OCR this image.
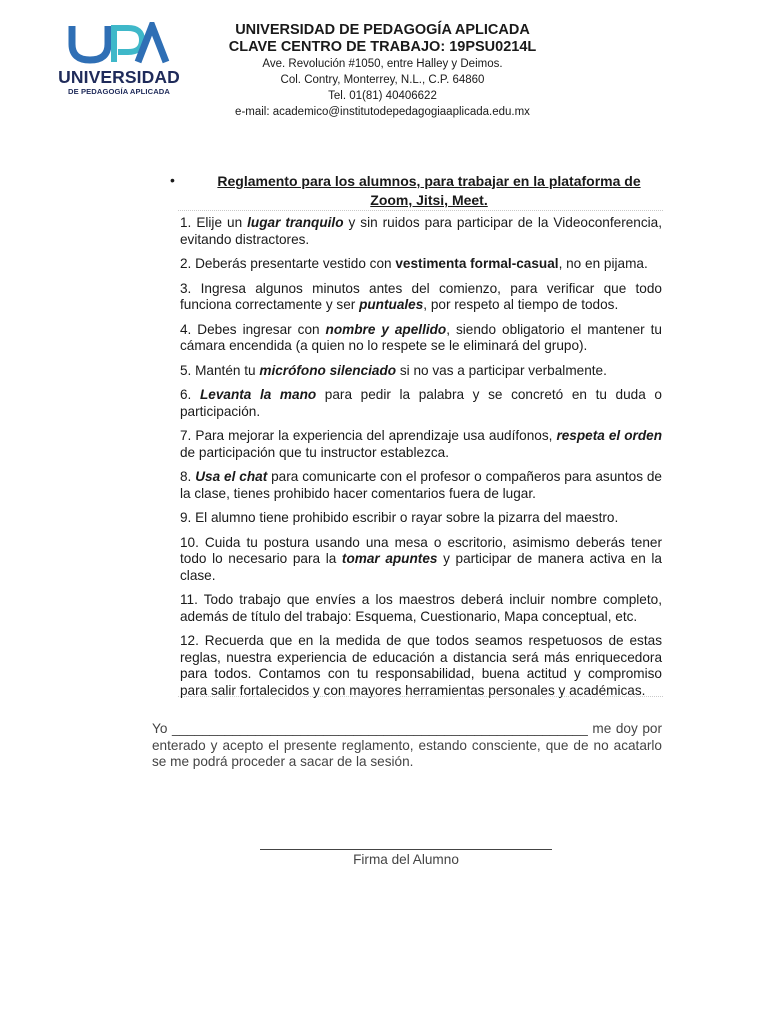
UNIVERSIDAD
DE PEDAGOGÍA APLICADA
UNIVERSIDAD DE PEDAGOGÍA APLICADA
CLAVE CENTRO DE TRABAJO: 19PSU0214L
Ave. Revolución #1050, entre Halley y Deimos.
Col. Contry, Monterrey, N.L., C.P. 64860
Tel. 01(81) 40406622
e-mail: academico@institutodepedagogiaaplicada.edu.mx
•	Reglamento para los alumnos, para trabajar en la plataforma de
Zoom, Jitsi, Meet.

1. Elije un lugar tranquilo y sin ruidos para participar de la Videoconferencia, evitando distractores.

2. Deberás presentarte vestido con vestimenta formal-casual, no en pijama.

3. Ingresa algunos minutos antes del comienzo, para verificar que todo funciona correctamente y ser puntuales, por respeto al tiempo de todos.

4. Debes ingresar con nombre y apellido, siendo obligatorio el mantener tu cámara encendida (a quien no lo respete se le eliminará del grupo).

5. Mantén tu micrófono silenciado si no vas a participar verbalmente.

6. Levanta la mano para pedir la palabra y se concretó en tu duda o participación.

7. Para mejorar la experiencia del aprendizaje usa audífonos, respeta el orden de participación que tu instructor establezca.

8. Usa el chat para comunicarte con el profesor o compañeros para asuntos de la clase, tienes prohibido hacer comentarios fuera de lugar.

9. El alumno tiene prohibido escribir o rayar sobre la pizarra del maestro.

10. Cuida tu postura usando una mesa o escritorio, asimismo deberás tener todo lo necesario para la tomar apuntes y participar de manera activa en la clase.

11. Todo trabajo que envíes a los maestros deberá incluir nombre completo, además de título del trabajo: Esquema, Cuestionario, Mapa conceptual, etc.

12. Recuerda que en la medida de que todos seamos respetuosos de estas reglas, nuestra experiencia de educación a distancia será más enriquecedora para todos. Contamos con tu responsabilidad, buena actitud y compromiso para salir fortalecidos y con mayores herramientas personales y académicas.

Yo _______________________________________________________ me doy por enterado y acepto el presente reglamento, estando consciente, que de no acatarlo se me podrá proceder a sacar de la sesión.
Firma del Alumno
